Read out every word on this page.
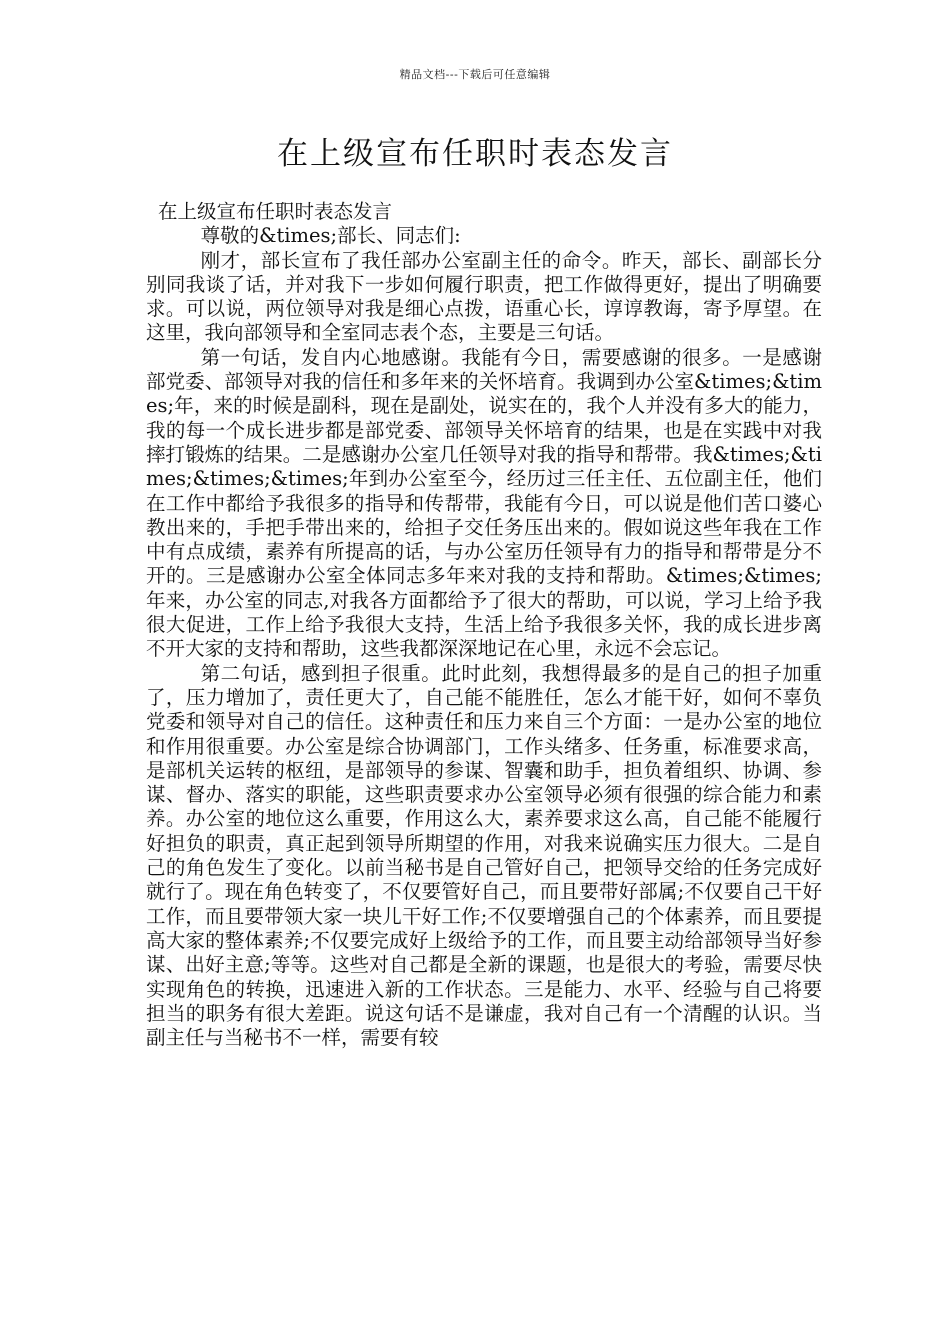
精品文档---下载后可任意编辑
在上级宣布任职时表态发言

在上级宣布任职时表态发言

尊敬的&times;部长、同志们:

刚才，部长宣布了我任部办公室副主任的命令。昨天，部长、副部长分别同我谈了话，并对我下一步如何履行职责，把工作做得更好，提出了明确要求。可以说，两位领导对我是细心点拨，语重心长，谆谆教诲，寄予厚望。在这里，我向部领导和全室同志表个态，主要是三句话。

第一句话，发自内心地感谢。我能有今日，需要感谢的很多。一是感谢部党委、部领导对我的信任和多年来的关怀培育。我调到办公室&times;&times;年，来的时候是副科，现在是副处，说实在的，我个人并没有多大的能力，我的每一个成长进步都是部党委、部领导关怀培育的结果，也是在实践中对我摔打锻炼的结果。二是感谢办公室几任领导对我的指导和帮带。我&times;&times;&times;&times;年到办公室至今，经历过三任主任、五位副主任，他们在工作中都给予我很多的指导和传帮带，我能有今日，可以说是他们苦口婆心教出来的，手把手带出来的，给担子交任务压出来的。假如说这些年我在工作中有点成绩，素养有所提高的话，与办公室历任领导有力的指导和帮带是分不开的。三是感谢办公室全体同志多年来对我的支持和帮助。&times;&times;年来，办公室的同志,对我各方面都给予了很大的帮助，可以说，学习上给予我很大促进，工作上给予我很大支持，生活上给予我很多关怀，我的成长进步离不开大家的支持和帮助，这些我都深深地记在心里，永远不会忘记。

第二句话，感到担子很重。此时此刻，我想得最多的是自己的担子加重了，压力增加了，责任更大了，自己能不能胜任，怎么才能干好，如何不辜负党委和领导对自己的信任。这种责任和压力来自三个方面：一是办公室的地位和作用很重要。办公室是综合协调部门，工作头绪多、任务重，标准要求高，是部机关运转的枢纽，是部领导的参谋、智囊和助手，担负着组织、协调、参谋、督办、落实的职能，这些职责要求办公室领导必须有很强的综合能力和素养。办公室的地位这么重要，作用这么大，素养要求这么高，自己能不能履行好担负的职责，真正起到领导所期望的作用，对我来说确实压力很大。二是自己的角色发生了变化。以前当秘书是自己管好自己，把领导交给的任务完成好就行了。现在角色转变了，不仅要管好自己，而且要带好部属;不仅要自己干好工作，而且要带领大家一块儿干好工作;不仅要增强自己的个体素养，而且要提高大家的整体素养;不仅要完成好上级给予的工作，而且要主动给部领导当好参谋、出好主意;等等。这些对自己都是全新的课题，也是很大的考验，需要尽快实现角色的转换，迅速进入新的工作状态。三是能力、水平、经验与自己将要担当的职务有很大差距。说这句话不是谦虚，我对自己有一个清醒的认识。当副主任与当秘书不一样，需要有较
